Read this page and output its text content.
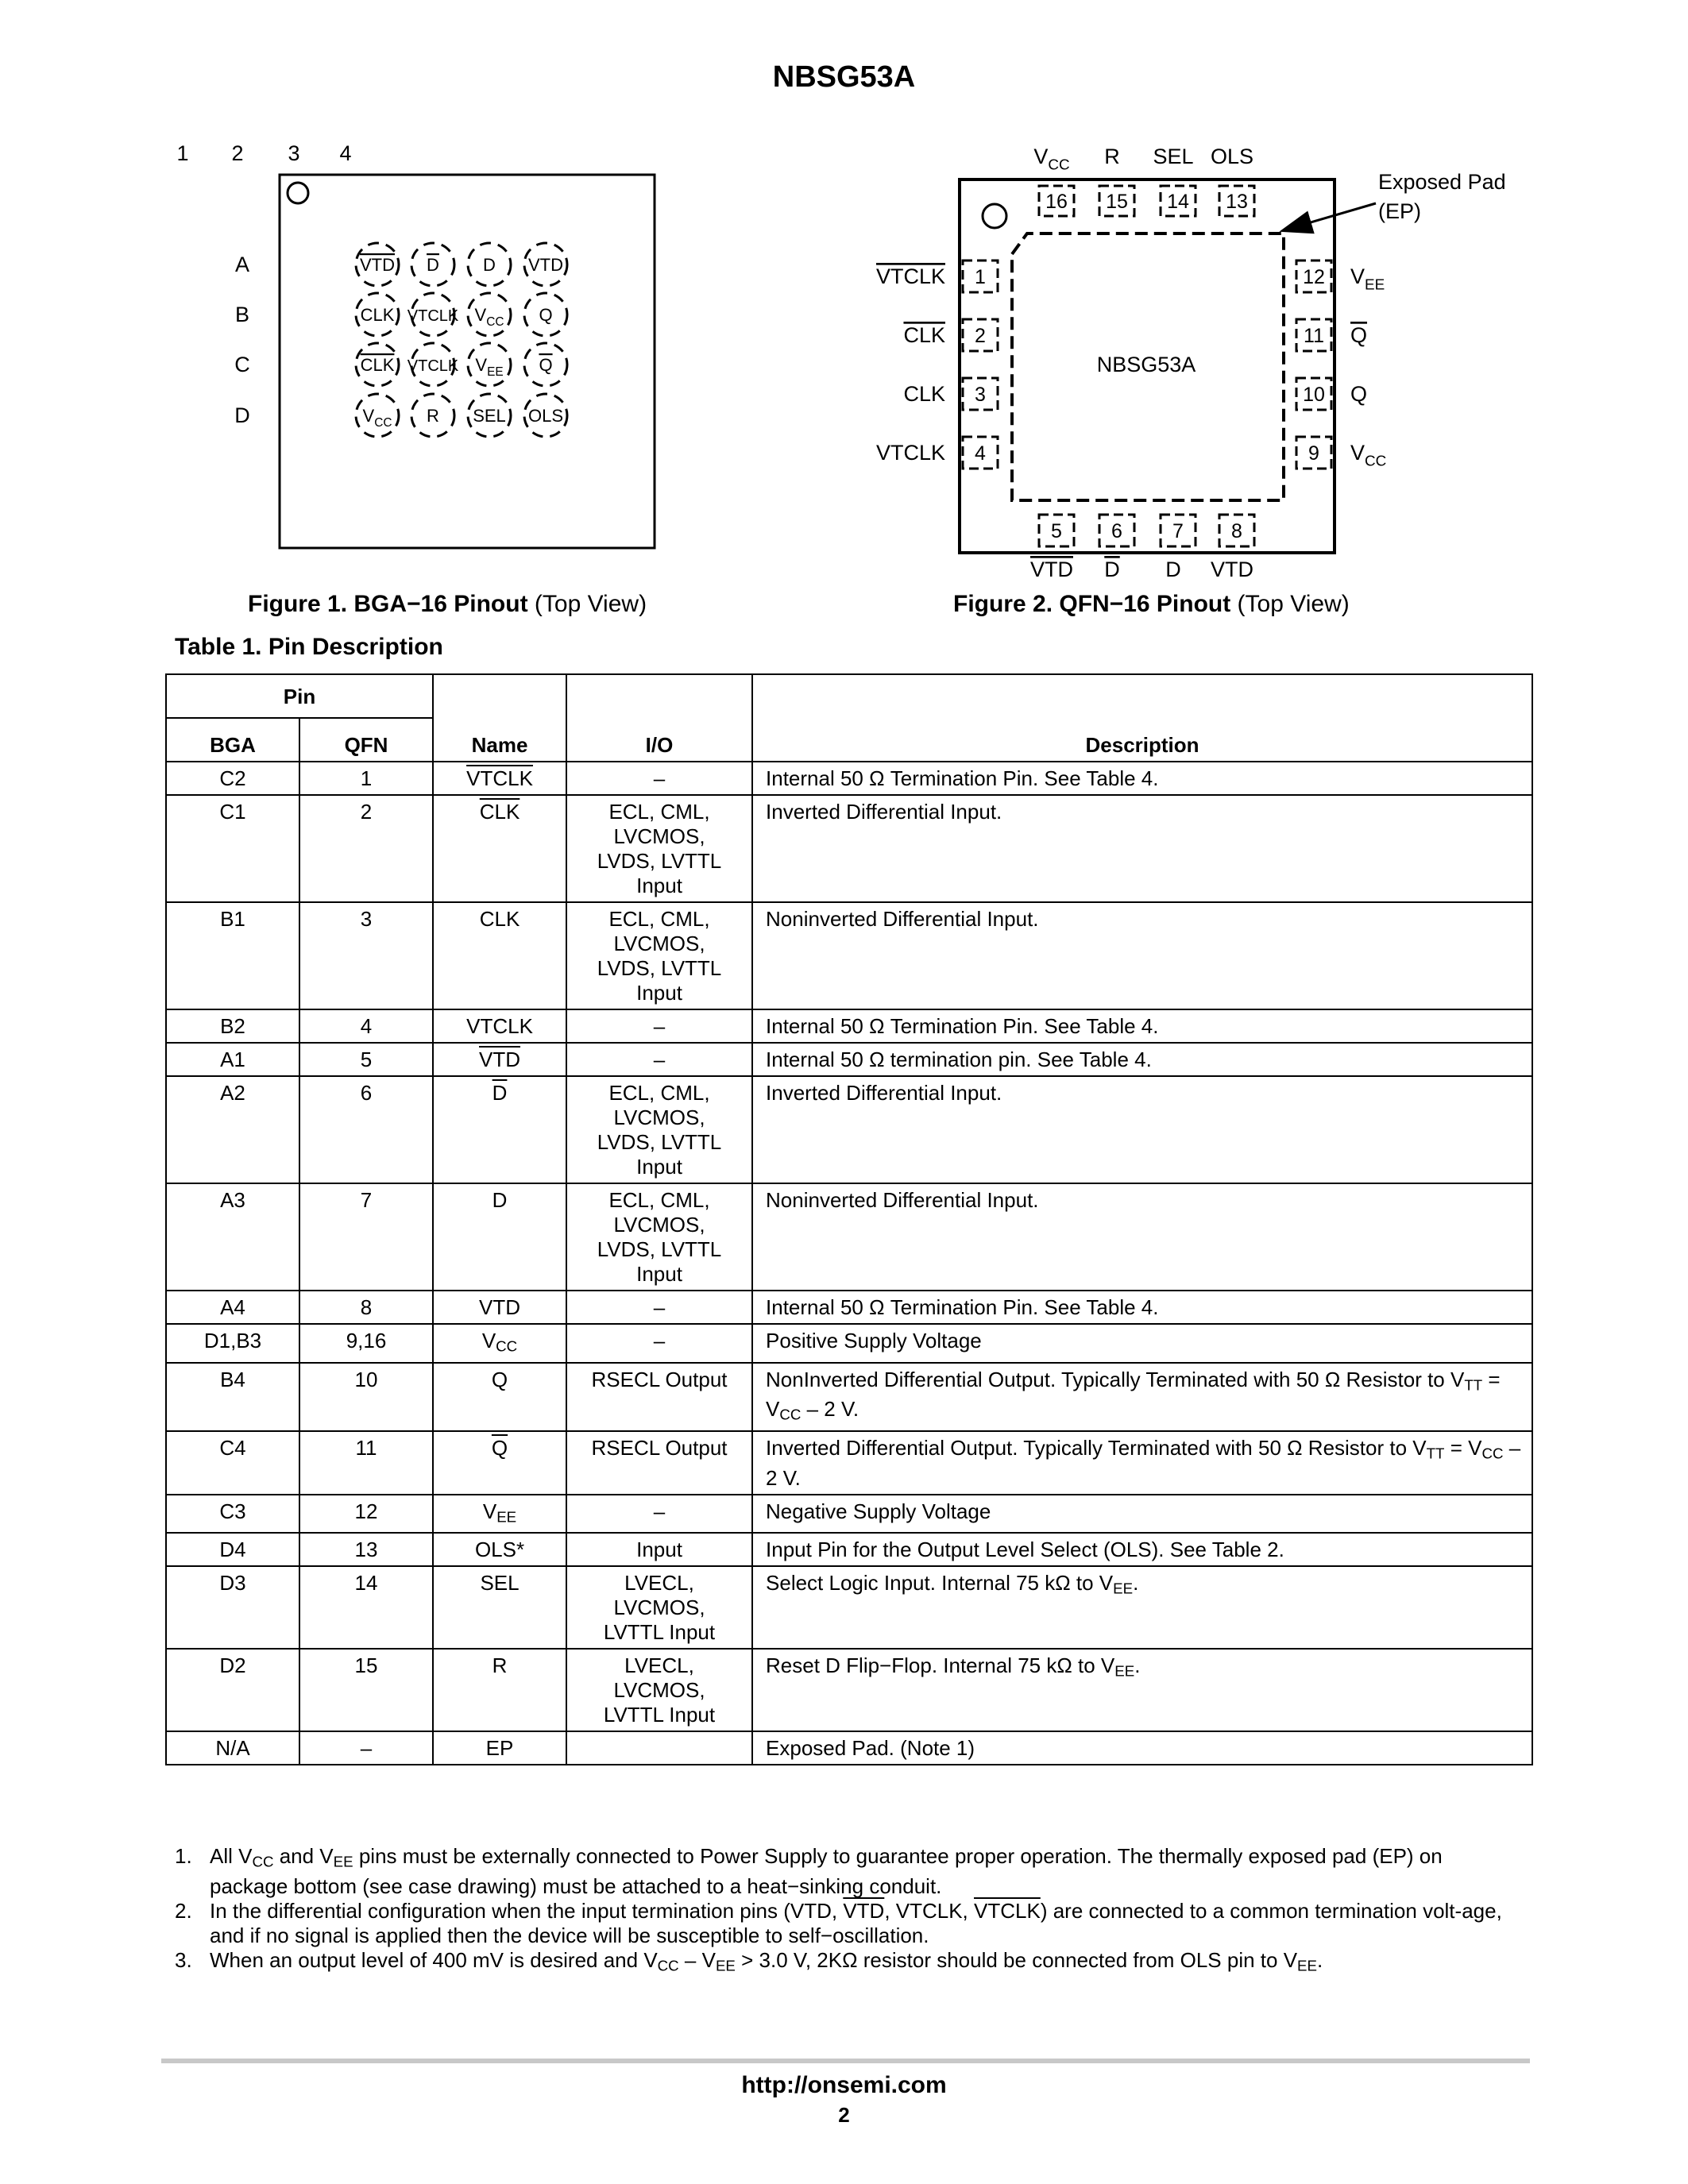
NBSG53A
1 2 3 4
A
B
C
D
VTD D	D VTD
CLK VTCLK $V_{CC}$ Q
CLK VTCLK $V_{EE}$ Q
$V_{CC}$ R SEL OLS
Figure 1. BGA−16 Pinout (Top View)
NBSG53A
Exposed Pad
(EP)
16
$V_{CC}$
15
R
14
SEL
13
OLS
5
VTD
6
D
7
D
8
VTD
1
VTCLK
2
CLK
3
CLK
4
VTCLK
12 $V_{EE}$
11 Q
10 Q
9 $V_{CC}$
Figure 2. QFN−16 Pinout (Top View)
Table 1. Pin Description
Pin		Name	I/O	Description
BGA	QFN			
C2	1	VTCLK	–	Internal 50 Ω Termination Pin. See Table 4.
C1	2	$\overline{CLK}$	ECL, CML, LVCMOS, LVDS, LVTTL Input	Inverted Differential Input.
B1	3	CLK	ECL, CML, LVCMOS, LVDS, LVTTL Input	Noninverted Differential Input.
B2	4	VTCLK	–	Internal 50 Ω Termination Pin. See Table 4.
A1	5	$\overline{VTD}$	–	Internal 50 Ω termination pin. See Table 4.
A2	6	$\overline{D}$	ECL, CML, LVCMOS, LVDS, LVTTL Input	Inverted Differential Input.
A3	7	D	ECL, CML, LVCMOS, LVDS, LVTTL Input	Noninverted Differential Input.
A4	8	VTD	–	Internal 50 Ω Termination Pin. See Table 4.
D1,B3	9,16	$V_{CC}$	–	Positive Supply Voltage
B4	10	Q	RSECL Output	NonInverted Differential Output. Typically Terminated with 50 Ω Resistor to $V_{TT} = V_{CC} - 2$ V.
C4	11	$\overline{Q}$	RSECL Output	Inverted Differential Output. Typically Terminated with 50 Ω Resistor to $V_{TT} = V_{CC} - 2$ V.
C3	12	$V_{EE}$	–	Negative Supply Voltage
D4	13	OLS*	Input	Input Pin for the Output Level Select (OLS). See Table 2.
D3	14	SEL	LVECL, LVCMOS, LVTTL Input	Select Logic Input. Internal 75 kΩ to $V_{EE}$.
D2	15	R	LVECL, LVCMOS, LVTTL Input	Reset D Flip−Flop. Internal 75 kΩ to $V_{EE}$.
N/A	–	EP		Exposed Pad. (Note 1)
1. All $V_{CC}$ and $V_{EE}$ pins must be externally connected to Power Supply to guarantee proper operation. The thermally exposed pad (EP) on package bottom (see case drawing) must be attached to a heat−sinking conduit.
2. In the differential configuration when the input termination pins (VTD, $\overline{VTD}$, VTCLK, VTCLK) are connected to a common termination volt-age, and if no signal is applied then the device will be susceptible to self−oscillation.
3. When an output level of 400 mV is desired and $V_{CC} - V_{EE} > 3.0$ V, 2KΩ resistor should be connected from OLS pin to $V_{EE}$.
http://onsemi.com
2
